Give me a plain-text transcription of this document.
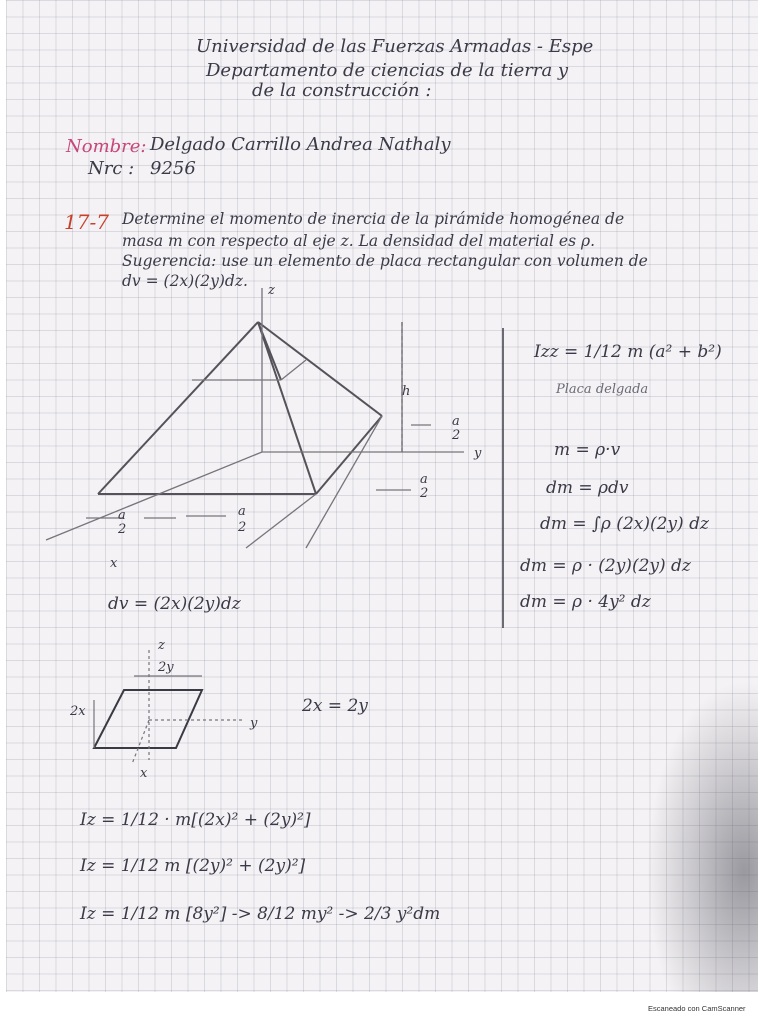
Universidad de las Fuerzas Armadas - Espe
Departamento de ciencias de la tierra y
de la construcción :
Nombre: Delgado Carrillo Andrea Nathaly
Nrc : 9256
17-7 Determine el momento de inercia de la pirámide homogénea de
masa m con respecto al eje z. La densidad del material es ρ.
Sugerencia: use un elemento de placa rectangular con volumen de
dv = (2x)(2y)dz.
z
y
x
h
a
2
a
2
a
2
a
2
dv = (2x)(2y)dz
Izz = 1/12 m (a² + b²)
Placa delgada
m = ρ·v
dm = ρdv
dm = ∫ρ (2x)(2y) dz
dm = ρ · (2y)(2y) dz
dm = ρ · 4y² dz
z
2y
2x
y
x
2x = 2y
Iz = 1/12 · m[(2x)² + (2y)²]
Iz = 1/12 m [(2y)² + (2y)²]
Iz = 1/12 m [8y²] -> 8/12 my² -> 2/3 y²dm
Escaneado con CamScanner
